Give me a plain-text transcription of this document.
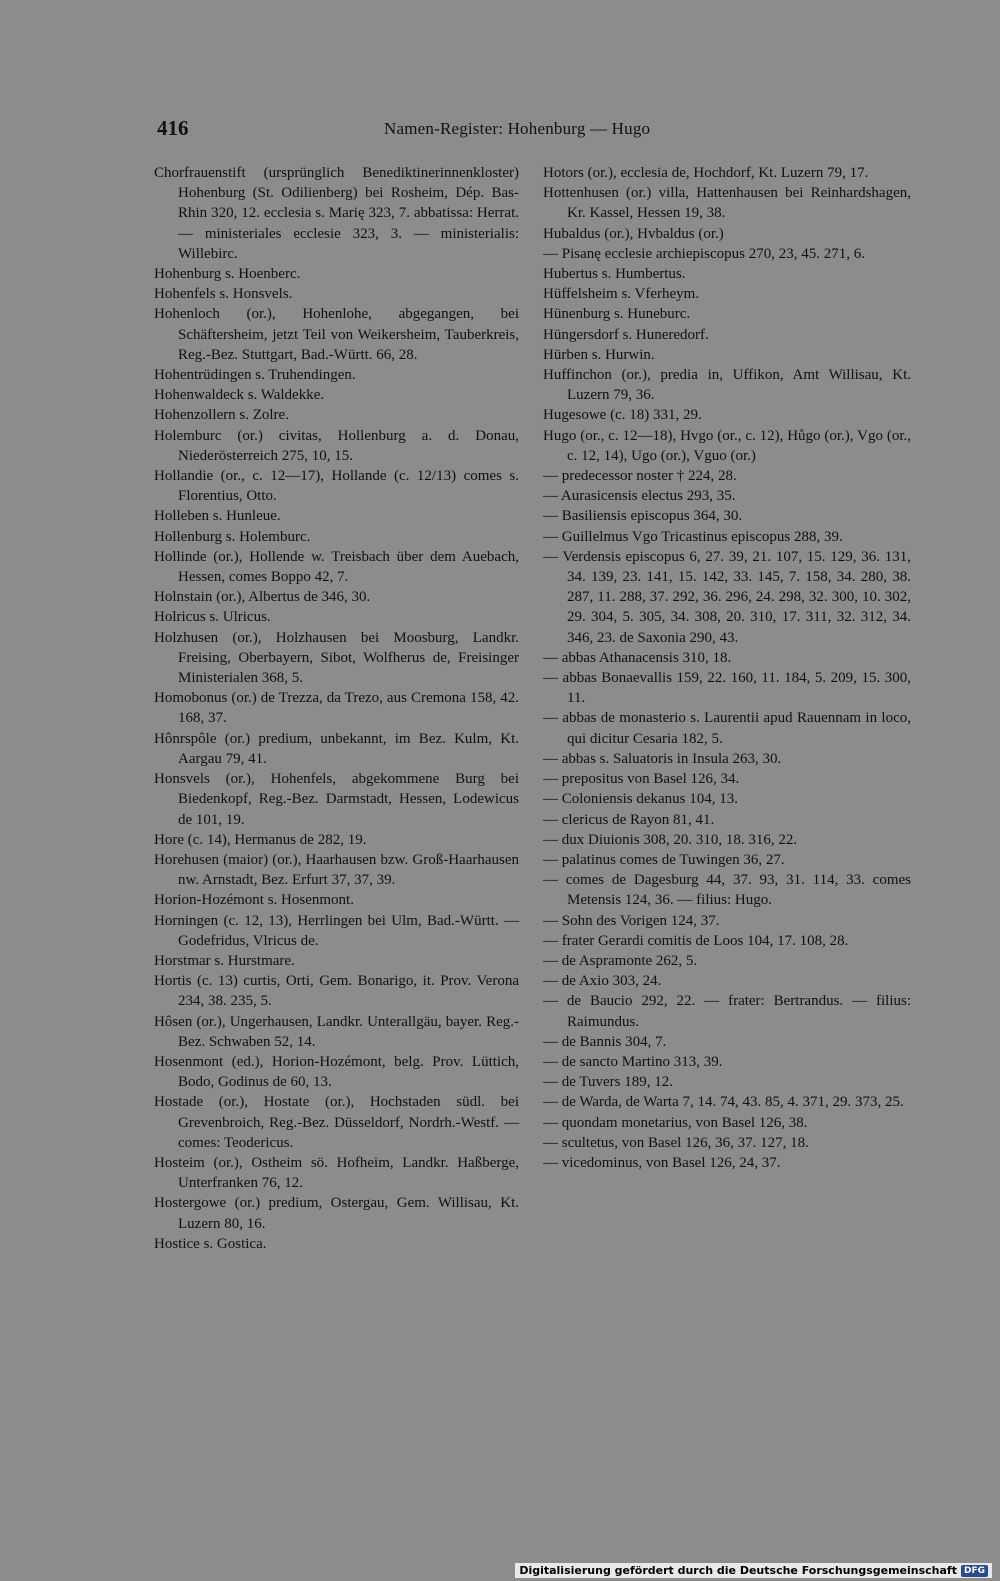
416	Namen-Register: Hohenburg — Hugo

Chorfrauenstift (ursprünglich Benediktinerinnenkloster) Hohenburg (St. Odilienberg) bei Rosheim, Dép. Bas-Rhin 320, 12. ecclesia s. Marię 323, 7. abbatissa: Herrat. — ministeriales ecclesie 323, 3. — ministerialis: Willebirc.

Hohenburg s. Hoenberc.

Hohenfels s. Honsvels.

Hohenloch (or.), Hohenlohe, abgegangen, bei Schäftersheim, jetzt Teil von Weikersheim, Tauberkreis, Reg.-Bez. Stuttgart, Bad.-Württ. 66, 28.

Hohentrüdingen s. Truhendingen.

Hohenwaldeck s. Waldekke.

Hohenzollern s. Zolre.

Holemburc (or.) civitas, Hollenburg a. d. Donau, Niederösterreich 275, 10, 15.

Hollandie (or., c. 12—17), Hollande (c. 12/13) comes s. Florentius, Otto.

Holleben s. Hunleue.

Hollenburg s. Holemburc.

Hollinde (or.), Hollende w. Treisbach über dem Auebach, Hessen, comes Boppo 42, 7.

Holnstain (or.), Albertus de 346, 30.

Holricus s. Ulricus.

Holzhusen (or.), Holzhausen bei Moosburg, Landkr. Freising, Oberbayern, Sibot, Wolfherus de, Freisinger Ministerialen 368, 5.

Homobonus (or.) de Trezza, da Trezo, aus Cremona 158, 42. 168, 37.

Hônrspôle (or.) predium, unbekannt, im Bez. Kulm, Kt. Aargau 79, 41.

Honsvels (or.), Hohenfels, abgekommene Burg bei Biedenkopf, Reg.-Bez. Darmstadt, Hessen, Lodewicus de 101, 19.

Hore (c. 14), Hermanus de 282, 19.

Horehusen (maior) (or.), Haarhausen bzw. Groß-Haarhausen nw. Arnstadt, Bez. Erfurt 37, 37, 39.

Horion-Hozémont s. Hosenmont.

Horningen (c. 12, 13), Herrlingen bei Ulm, Bad.-Württ. — Godefridus, Vlricus de.

Horstmar s. Hurstmare.

Hortis (c. 13) curtis, Orti, Gem. Bonarigo, it. Prov. Verona 234, 38. 235, 5.

Hôsen (or.), Ungerhausen, Landkr. Unterallgäu, bayer. Reg.-Bez. Schwaben 52, 14.

Hosenmont (ed.), Horion-Hozémont, belg. Prov. Lüttich, Bodo, Godinus de 60, 13.

Hostade (or.), Hostate (or.), Hochstaden südl. bei Grevenbroich, Reg.-Bez. Düsseldorf, Nordrh.-Westf. — comes: Teodericus.

Hosteim (or.), Ostheim sö. Hofheim, Landkr. Haßberge, Unterfranken 76, 12.

Hostergowe (or.) predium, Ostergau, Gem. Willisau, Kt. Luzern 80, 16.

Hostice s. Gostica.

Hotors (or.), ecclesia de, Hochdorf, Kt. Luzern 79, 17.

Hottenhusen (or.) villa, Hattenhausen bei Reinhardshagen, Kr. Kassel, Hessen 19, 38.

Hubaldus (or.), Hvbaldus (or.)

— Pisanę ecclesie archiepiscopus 270, 23, 45. 271, 6.

Hubertus s. Humbertus.

Hüffelsheim s. Vferheym.

Hünenburg s. Huneburc.

Hüngersdorf s. Huneredorf.

Hürben s. Hurwin.

Huffinchon (or.), predia in, Uffikon, Amt Willisau, Kt. Luzern 79, 36.

Hugesowe (c. 18) 331, 29.

Hugo (or., c. 12—18), Hvgo (or., c. 12), Hůgo (or.), Vgo (or., c. 12, 14), Ugo (or.), Vguo (or.)

— predecessor noster † 224, 28.

— Aurasicensis electus 293, 35.

— Basiliensis episcopus 364, 30.

— Guillelmus Vgo Tricastinus episcopus 288, 39.

— Verdensis episcopus 6, 27. 39, 21. 107, 15. 129, 36. 131, 34. 139, 23. 141, 15. 142, 33. 145, 7. 158, 34. 280, 38. 287, 11. 288, 37. 292, 36. 296, 24. 298, 32. 300, 10. 302, 29. 304, 5. 305, 34. 308, 20. 310, 17. 311, 32. 312, 34. 346, 23. de Saxonia 290, 43.

— abbas Athanacensis 310, 18.

— abbas Bonaevallis 159, 22. 160, 11. 184, 5. 209, 15. 300, 11.

— abbas de monasterio s. Laurentii apud Rauennam in loco, qui dicitur Cesaria 182, 5.

— abbas s. Saluatoris in Insula 263, 30.

— prepositus von Basel 126, 34.

— Coloniensis dekanus 104, 13.

— clericus de Rayon 81, 41.

— dux Diuionis 308, 20. 310, 18. 316, 22.

— palatinus comes de Tuwingen 36, 27.

— comes de Dagesburg 44, 37. 93, 31. 114, 33. comes Metensis 124, 36. — filius: Hugo.

— Sohn des Vorigen 124, 37.

— frater Gerardi comitis de Loos 104, 17. 108, 28.

— de Aspramonte 262, 5.

— de Axio 303, 24.

— de Baucio 292, 22. — frater: Bertrandus. — filius: Raimundus.

— de Bannis 304, 7.

— de sancto Martino 313, 39.

— de Tuvers 189, 12.

— de Warda, de Warta 7, 14. 74, 43. 85, 4. 371, 29. 373, 25.

— quondam monetarius, von Basel 126, 38.

— scultetus, von Basel 126, 36, 37. 127, 18.

— vicedominus, von Basel 126, 24, 37.

Digitalisierung gefördert durch die Deutsche Forschungsgemeinschaft DFG
